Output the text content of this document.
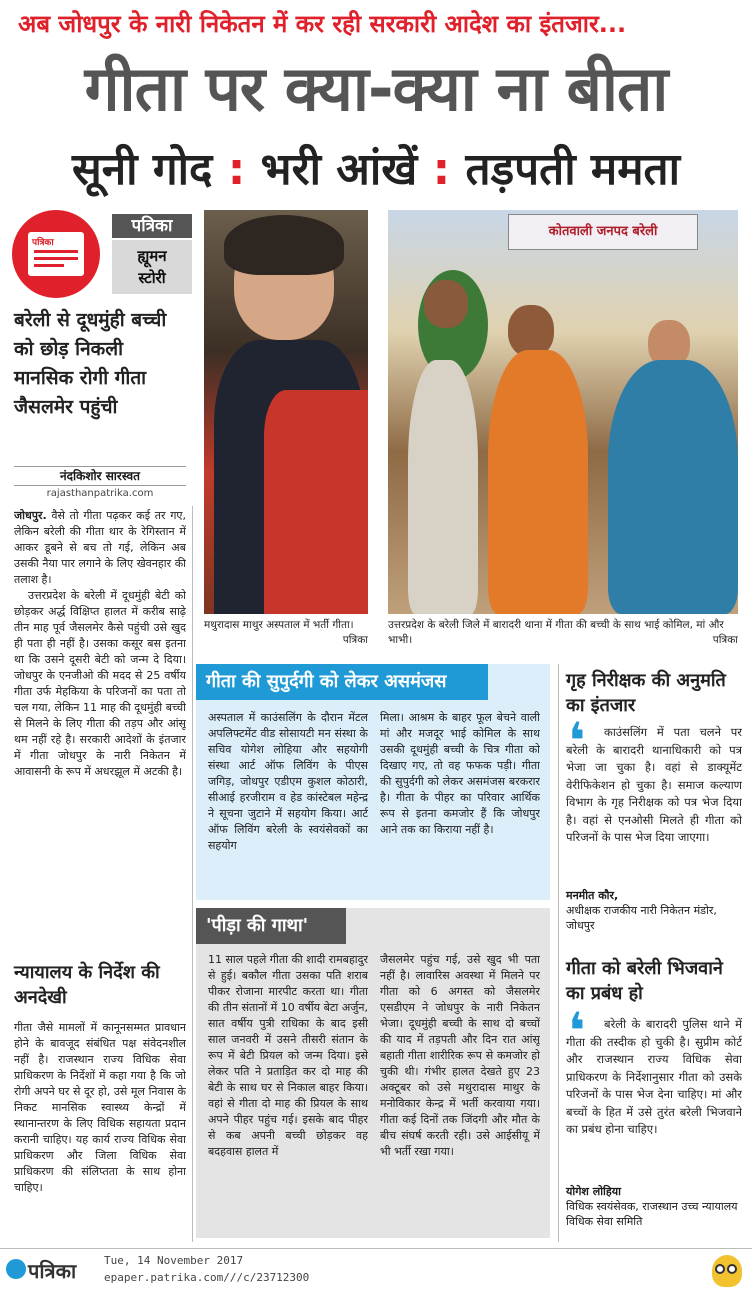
अब जोधपुर के नारी निकेतन में कर रही सरकारी आदेश का इंतजार...
गीता पर क्या-क्या ना बीता
सूनी गोद : भरी आंखें : तड़पती ममता
पत्रिका
पत्रिका
ह्यूमन
स्टोरी
बरेली से दूधमुंही बच्ची को छोड़ निकली मानसिक रोगी गीता जैसलमेर पहुंची
नंदकिशोर सारस्वत
rajasthanpatrika.com

जोधपुर. वैसे तो गीता पढ़कर कई तर गए, लेकिन बरेली की गीता थार के रेगिस्तान में आकर डूबने से बच तो गई, लेकिन अब उसकी नैया पार लगाने के लिए खेवनहार की तलाश है।

उत्तरप्रदेश के बरेली में दूधमुंही बेटी को छोड़कर अर्द्ध विक्षिप्त हालत में करीब साढ़े तीन माह पूर्व जैसलमेर कैसे पहुंची उसे खुद ही पता ही नहीं है। उसका कसूर बस इतना था कि उसने दूसरी बेटी को जन्म दे दिया। जोधपुर के एनजीओ की मदद से 25 वर्षीय गीता उर्फ मेहकिया के परिजनों का पता तो चल गया, लेकिन 11 माह की दूधमुंही बच्ची से मिलने के लिए गीता की तड़प और आंसू थम नहीं रहे है। सरकारी आदेशों के इंतजार में गीता जोधपुर के नारी निकेतन में आवासनी के रूप में अधरझूल में अटकी है।

न्यायालय के निर्देश की अनदेखी
गीता जैसे मामलों में कानूनसम्मत प्रावधान होने के बावजूद संबंधित पक्ष संवेदनशील नहीं है। राजस्थान राज्य विधिक सेवा प्राधिकरण के निर्देशों में कहा गया है कि जो रोगी अपने घर से दूर हो, उसे मूल निवास के निकट मानसिक स्वास्थ्य केन्द्रों में स्थानान्तरण के लिए विधिक सहायता प्रदान करानी चाहिए। यह कार्य राज्य विधिक सेवा प्राधिकरण और जिला विधिक सेवा प्राधिकरण की संलिप्तता के साथ होना चाहिए।
मथुरादास माथुर अस्पताल में भर्ती गीता।
पत्रिका
कोतवाली जनपद बरेली
उत्तरप्रदेश के बरेली जिले में बारादरी थाना में गीता की बच्ची के साथ भाई कोमिल, मां और भाभी।	पत्रिका
गीता की सुपुर्दगी को लेकर असमंजस
अस्पताल में काउंसलिंग के दौरान मेंटल अपलिफ्टमेंट वीड सोसायटी मन संस्था के सचिव योगेश लोहिया और सहयोगी संस्था आर्ट ऑफ लिविंग के पीएस जगिड़, जोधपुर एडीएम कुशल कोठारी, सीआई हरजीराम व हेड कांस्टेबल महेन्द्र ने सूचना जुटाने में सहयोग किया। आर्ट ऑफ लिविंग बरेली के स्वयंसेवकों का सहयोग
मिला। आश्रम के बाहर फूल बेचने वाली मां और मजदूर भाई कोमिल के साथ उसकी दूधमुंही बच्ची के चित्र गीता को दिखाए गए, तो वह फफक पड़ी। गीता की सुपुर्दगी को लेकर असमंजस बरकरार है। गीता के पीहर का परिवार आर्थिक रूप से इतना कमजोर हैं कि जोधपुर आने तक का किराया नहीं है।
'पीड़ा की गाथा'
11 साल पहले गीता की शादी रामबहादुर से हुई। बकौल गीता उसका पति शराब पीकर रोजाना मारपीट करता था। गीता की तीन संतानों में 10 वर्षीय बेटा अर्जुन, सात वर्षीय पुत्री राधिका के बाद इसी साल जनवरी में उसने तीसरी संतान के रूप में बेटी प्रियल को जन्म दिया। इसे लेकर पति ने प्रताड़ित कर दो माह की बेटी के साथ घर से निकाल बाहर किया। वहां से गीता दो माह की प्रियल के साथ अपने पीहर पहुंच गई। इसके बाद पीहर से कब अपनी बच्ची छोड़कर वह बदहवास हालत में
जैसलमेर पहुंच गई, उसे खुद भी पता नहीं है। लावारिस अवस्था में मिलने पर गीता को 6 अगस्त को जैसलमेर एसडीएम ने जोधपुर के नारी निकेतन भेजा। दूधमुंही बच्ची के साथ दो बच्चों की याद में तड़पती और दिन रात आंसू बहाती गीता शारीरिक रूप से कमजोर हो चुकी थी। गंभीर हालत देखते हुए 23 अक्टूबर को उसे मथुरादास माथुर के मनोविकार केन्द्र में भर्ती करवाया गया। गीता कई दिनों तक जिंदगी और मौत के बीच संघर्ष करती रही। उसे आईसीयू में भी भर्ती रखा गया।
गृह निरीक्षक की अनुमति का इंतजार
❛	काउंसलिंग में पता चलने पर बरेली के बारादरी थानाधिकारी को पत्र भेजा जा चुका है। वहां से डाक्यूमेंट वेरीफिकेशन हो चुका है। समाज कल्याण विभाग के गृह निरीक्षक को पत्र भेज दिया है। वहां से एनओसी मिलते ही गीता को परिजनों के पास भेज दिया जाएगा।
मनमीत कौर,
अधीक्षक राजकीय नारी निकेतन मंडोर, जोधपुर
गीता को बरेली भिजवाने का प्रबंध हो
❛	बरेली के बारादरी पुलिस थाने में गीता की तस्दीक हो चुकी है। सुप्रीम कोर्ट और राजस्थान राज्य विधिक सेवा प्राधिकरण के निर्देशानुसार गीता को उसके परिजनों के पास भेज देना चाहिए। मां और बच्चों के हित में उसे तुरंत बरेली भिजवाने का प्रबंध होना चाहिए।
योगेश लोहिया
विधिक स्वयंसेवक, राजस्थान उच्च न्यायालय विधिक सेवा समिति
पत्रिका	Tue, 14 November 2017
epaper.patrika.com///c/23712300
